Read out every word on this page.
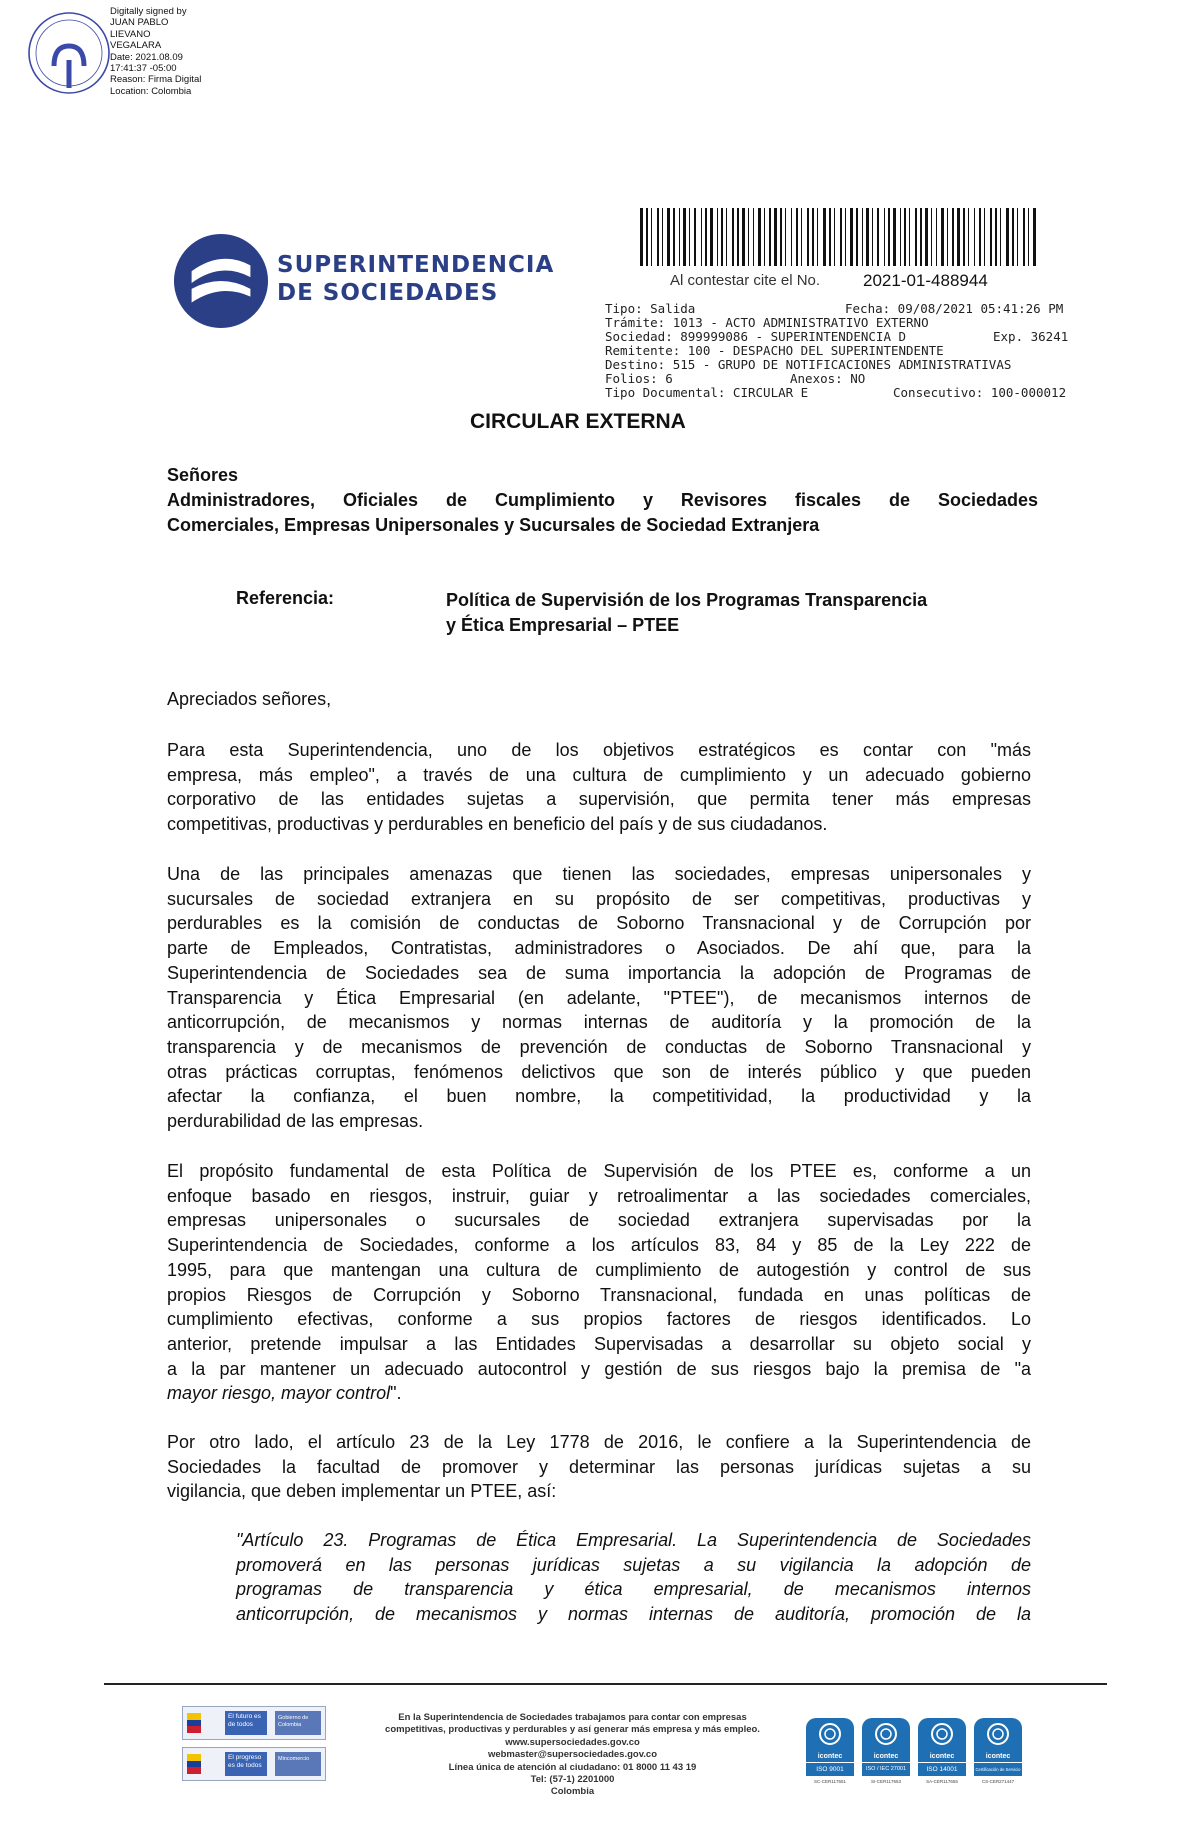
Digitally signed by
JUAN PABLO
LIEVANO
VEGALARA
Date: 2021.08.09
17:41:37 -05:00
Reason: Firma Digital
Location: Colombia
SUPERINTENDENCIA
DE SOCIEDADES	Al contestar cite el No.	2021-01-488944
Tipo: Salida	Fecha: 09/08/2021 05:41:26 PM
Trámite: 1013 - ACTO ADMINISTRATIVO EXTERNO
Sociedad: 899999086 - SUPERINTENDENCIA D	Exp. 36241
Remitente: 100 - DESPACHO DEL SUPERINTENDENTE
Destino: 515 - GRUPO DE NOTIFICACIONES ADMINISTRATIVAS
Folios: 6	Anexos: NO
Tipo Documental: CIRCULAR E	Consecutivo: 100-000012
CIRCULAR EXTERNA
Señores
Administradores, Oficiales de Cumplimiento y Revisores fiscales de Sociedades
Comerciales, Empresas Unipersonales y Sucursales de Sociedad Extranjera
Referencia:	Política de Supervisión de los Programas Transparencia
y Ética Empresarial – PTEE
Apreciados señores,
Para esta Superintendencia, uno de los objetivos estratégicos es contar con "más
empresa, más empleo", a través de una cultura de cumplimiento y un adecuado gobierno
corporativo de las entidades sujetas a supervisión, que permita tener más empresas
competitivas, productivas y perdurables en beneficio del país y de sus ciudadanos.
Una de las principales amenazas que tienen las sociedades, empresas unipersonales y
sucursales de sociedad extranjera en su propósito de ser competitivas, productivas y
perdurables es la comisión de conductas de Soborno Transnacional y de Corrupción por
parte de Empleados, Contratistas, administradores o Asociados. De ahí que, para la
Superintendencia de Sociedades sea de suma importancia la adopción de Programas de
Transparencia y Ética Empresarial (en adelante, "PTEE"), de mecanismos internos de
anticorrupción, de mecanismos y normas internas de auditoría y la promoción de la
transparencia y de mecanismos de prevención de conductas de Soborno Transnacional y
otras prácticas corruptas, fenómenos delictivos que son de interés público y que pueden
afectar la confianza, el buen nombre, la competitividad, la productividad y la
perdurabilidad de las empresas.
El propósito fundamental de esta Política de Supervisión de los PTEE es, conforme a un
enfoque basado en riesgos, instruir, guiar y retroalimentar a las sociedades comerciales,
empresas unipersonales o sucursales de sociedad extranjera supervisadas por la
Superintendencia de Sociedades, conforme a los artículos 83, 84 y 85 de la Ley 222 de
1995, para que mantengan una cultura de cumplimiento de autogestión y control de sus
propios Riesgos de Corrupción y Soborno Transnacional, fundada en unas políticas de
cumplimiento efectivas, conforme a sus propios factores de riesgos identificados. Lo
anterior, pretende impulsar a las Entidades Supervisadas a desarrollar su objeto social y
a la par mantener un adecuado autocontrol y gestión de sus riesgos bajo la premisa de "a
mayor riesgo, mayor control".
Por otro lado, el artículo 23 de la Ley 1778 de 2016, le confiere a la Superintendencia de
Sociedades la facultad de promover y determinar las personas jurídicas sujetas a su
vigilancia, que deben implementar un PTEE, así:
"Artículo 23. Programas de Ética Empresarial. La Superintendencia de Sociedades
promoverá en las personas jurídicas sujetas a su vigilancia la adopción de
programas de transparencia y ética empresarial, de mecanismos internos
anticorrupción, de mecanismos y normas internas de auditoría, promoción de la
El futuro es de todos
Gobierno de Colombia
El progreso es de todos
Mincomercio
En la Superintendencia de Sociedades trabajamos para contar con empresas
competitivas, productivas y perdurables y así generar más empresa y más empleo.
www.supersociedades.gov.co
webmaster@supersociedades.gov.co
Línea única de atención al ciudadano: 01 8000 11 43 19
Tel: (57-1) 2201000
Colombia
icontec
ISO 9001
SC-CER117651
icontec
ISO / IEC 27001
SI-CER117653
icontec
ISO 14001
SA-CER117655
icontec
Certificación de Servicio
CS-CER271447
